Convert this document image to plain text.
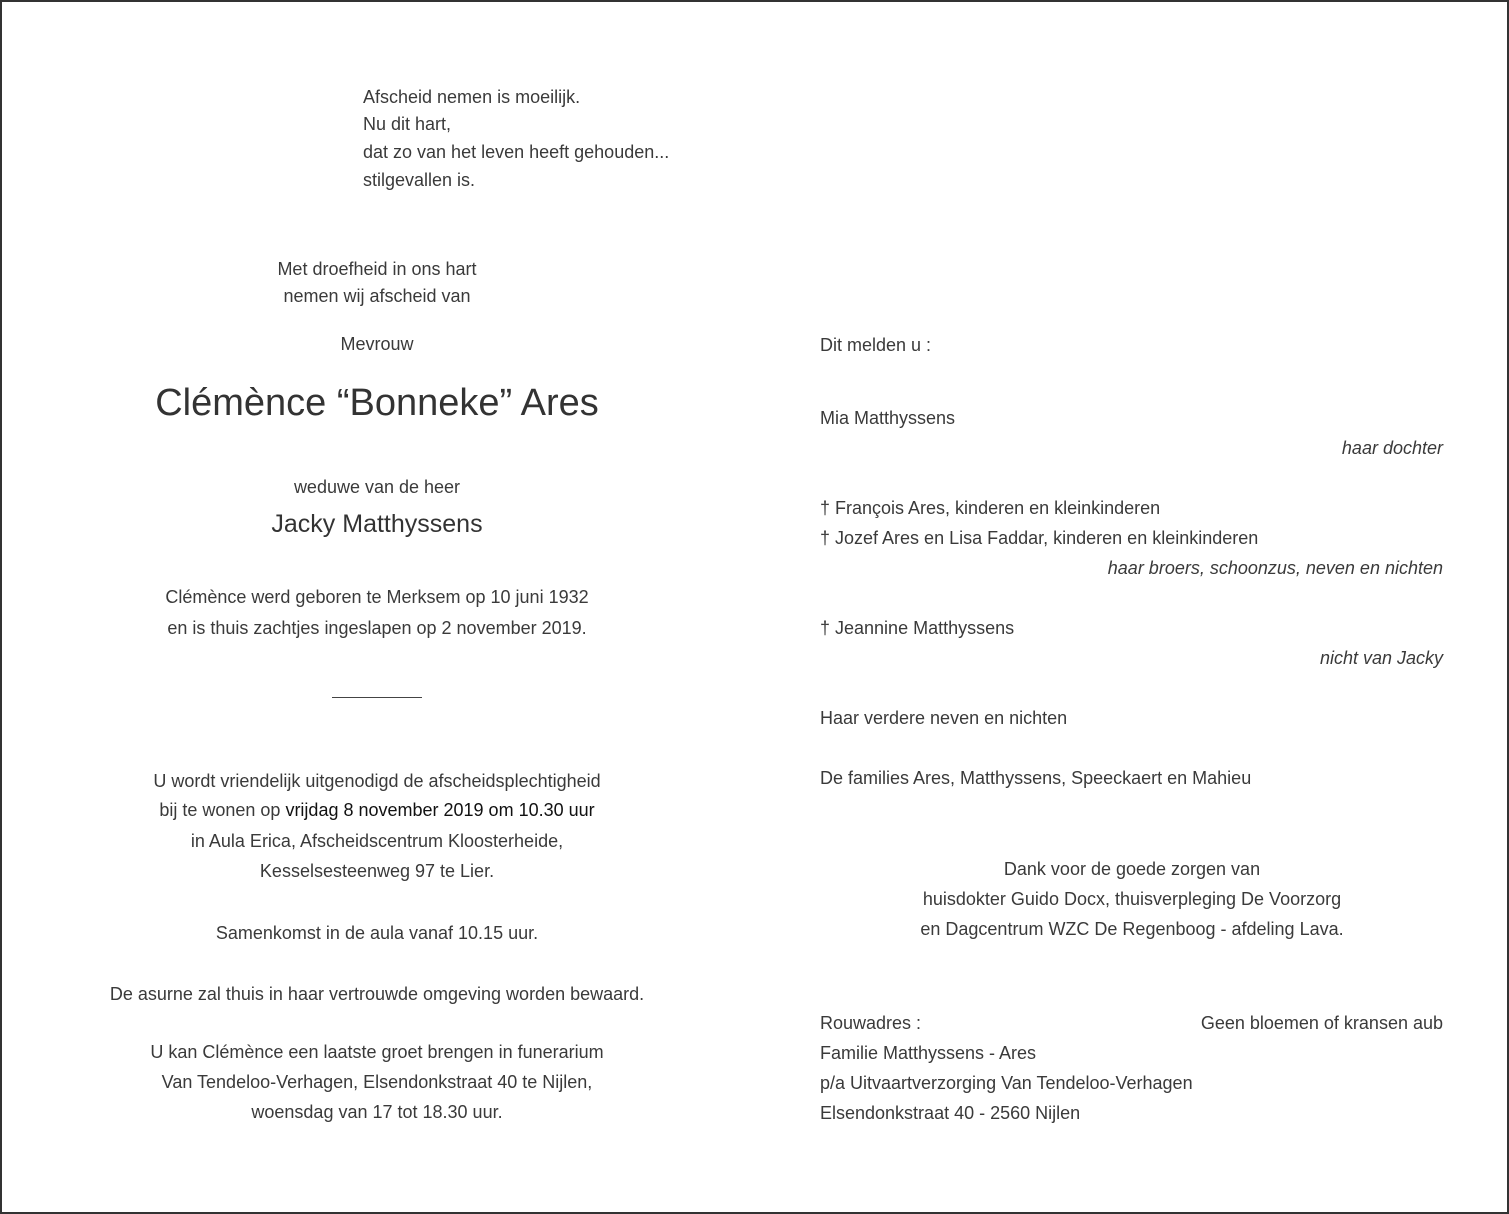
Afscheid nemen is moeilijk.
Nu dit hart,
dat zo van het leven heeft gehouden...
stilgevallen is.
Met droefheid in ons hart
nemen wij afscheid van
Mevrouw
Clémènce “Bonneke” Ares
weduwe van de heer
Jacky Matthyssens
Clémènce werd geboren te Merksem op 10 juni 1932
en is thuis zachtjes ingeslapen op 2 november 2019.
U wordt vriendelijk uitgenodigd de afscheidsplechtigheid
bij te wonen op vrijdag 8 november 2019 om 10.30 uur
in Aula Erica, Afscheidscentrum Kloosterheide,
Kesselsesteenweg 97 te Lier.
Samenkomst in de aula vanaf 10.15 uur.
De asurne zal thuis in haar vertrouwde omgeving worden bewaard.
U kan Clémènce een laatste groet brengen in funerarium
Van Tendeloo-Verhagen, Elsendonkstraat 40 te Nijlen,
woensdag van 17 tot 18.30 uur.
Dit melden u :
Mia Matthyssens
haar dochter
† François Ares, kinderen en kleinkinderen
† Jozef Ares en Lisa Faddar, kinderen en kleinkinderen
haar broers, schoonzus, neven en nichten
† Jeannine Matthyssens
nicht van Jacky
Haar verdere neven en nichten
De families Ares, Matthyssens, Speeckaert en Mahieu
Dank voor de goede zorgen van
huisdokter Guido Docx, thuisverpleging De Voorzorg
en Dagcentrum WZC De Regenboog - afdeling Lava.
Rouwadres :	Geen bloemen of kransen aub
Familie Matthyssens - Ares
p/a Uitvaartverzorging Van Tendeloo-Verhagen
Elsendonkstraat 40 - 2560 Nijlen
